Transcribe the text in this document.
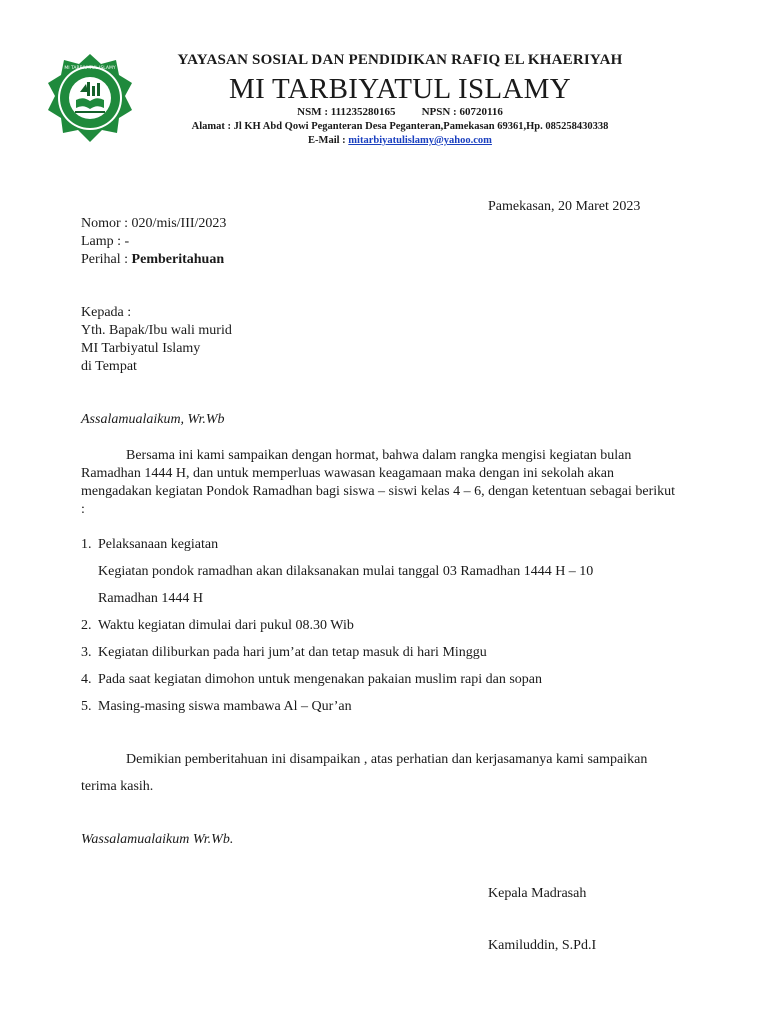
MI TARBIYATUL ISLAMY
YAYASAN SOSIAL DAN PENDIDIKAN RAFIQ EL KHAERIYAH
MI TARBIYATUL ISLAMY
NSM : 111235280165 NPSN : 60720116
Alamat : Jl KH Abd Qowi Peganteran Desa Peganteran,Pamekasan 69361,Hp. 085258430338
E-Mail : mitarbiyatulislamy@yahoo.com
Pamekasan, 20 Maret 2023
Nomor : 020/mis/III/2023
Lamp : -
Perihal : Pemberitahuan
Kepada :
Yth. Bapak/Ibu wali murid
MI Tarbiyatul Islamy
di Tempat
Assalamualaikum, Wr.Wb
Bersama ini kami sampaikan dengan hormat, bahwa dalam rangka mengisi kegiatan bulan Ramadhan 1444 H, dan untuk memperluas wawasan keagamaan maka dengan ini sekolah akan mengadakan kegiatan Pondok Ramadhan bagi siswa – siswi kelas 4 – 6, dengan ketentuan sebagai berikut :
1. Pelaksanaan kegiatan
Kegiatan pondok ramadhan akan dilaksanakan mulai tanggal 03 Ramadhan 1444 H – 10
Ramadhan 1444 H
2. Waktu kegiatan dimulai dari pukul 08.30 Wib
3. Kegiatan diliburkan pada hari jum’at dan tetap masuk di hari Minggu
4. Pada saat kegiatan dimohon untuk mengenakan pakaian muslim rapi dan sopan
5. Masing-masing siswa mambawa Al – Qur’an
Demikian pemberitahuan ini disampaikan , atas perhatian dan kerjasamanya kami sampaikan
terima kasih.
Wassalamualaikum Wr.Wb.
Kepala Madrasah
Kamiluddin, S.Pd.I
